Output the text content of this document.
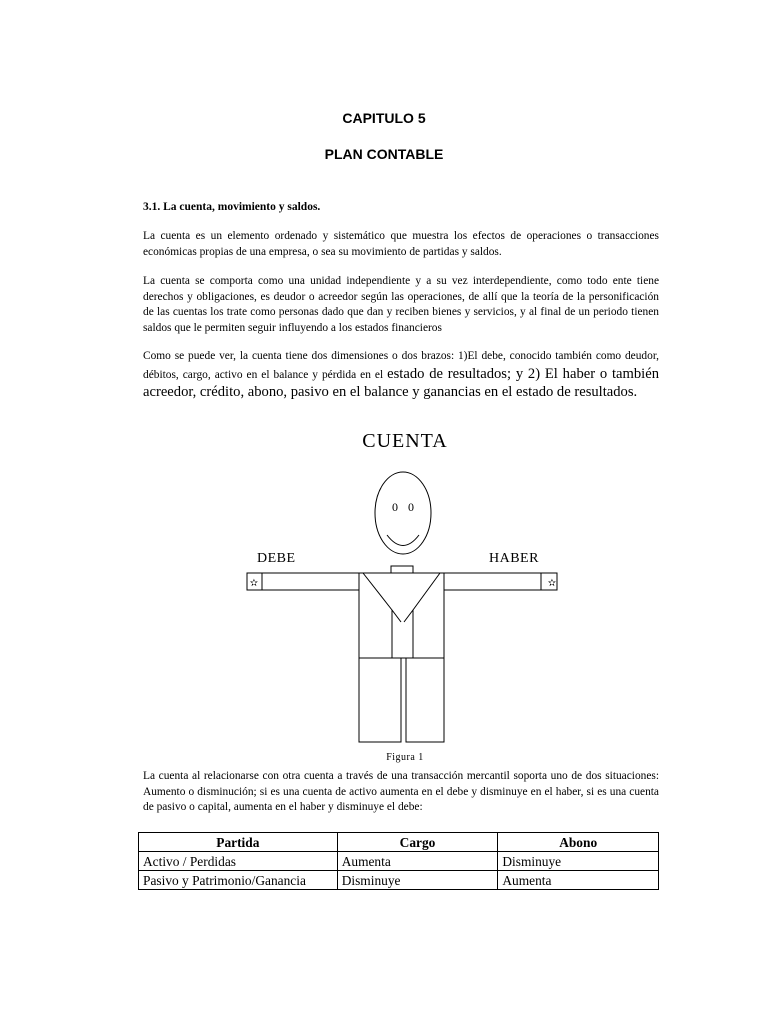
CAPITULO 5
PLAN CONTABLE
3.1. La cuenta, movimiento y saldos.

La cuenta es un elemento ordenado y sistemático que muestra los efectos de operaciones o transacciones económicas propias de una empresa, o sea su movimiento de partidas y saldos.

La cuenta se comporta como una unidad independiente y a su vez interdependiente, como todo ente tiene derechos y obligaciones, es deudor o acreedor según las operaciones, de allí que la teoría de la personificación de las cuentas los trate como personas dado que dan y reciben bienes y servicios, y al final de un periodo tienen saldos que le permiten seguir influyendo a los estados financieros

Como se puede ver, la cuenta tiene dos dimensiones o dos brazos: 1)El debe, conocido también como deudor, débitos, cargo, activo en el balance y pérdida en el estado de resultados; y 2) El haber o también acreedor, crédito, abono, pasivo en el balance y ganancias en el estado de resultados.

CUENTA
0 0
✫	✫
DEBE	HABER
Figura 1

La cuenta al relacionarse con otra cuenta a través de una transacción mercantil soporta uno de dos situaciones: Aumento o disminución; si es una cuenta de activo aumenta en el debe y disminuye en el haber, si es una cuenta de pasivo o capital, aumenta en el haber y disminuye el debe:

Partida	Cargo	Abono
Activo / Perdidas	Aumenta	Disminuye
Pasivo y Patrimonio/Ganancia	Disminuye	Aumenta
